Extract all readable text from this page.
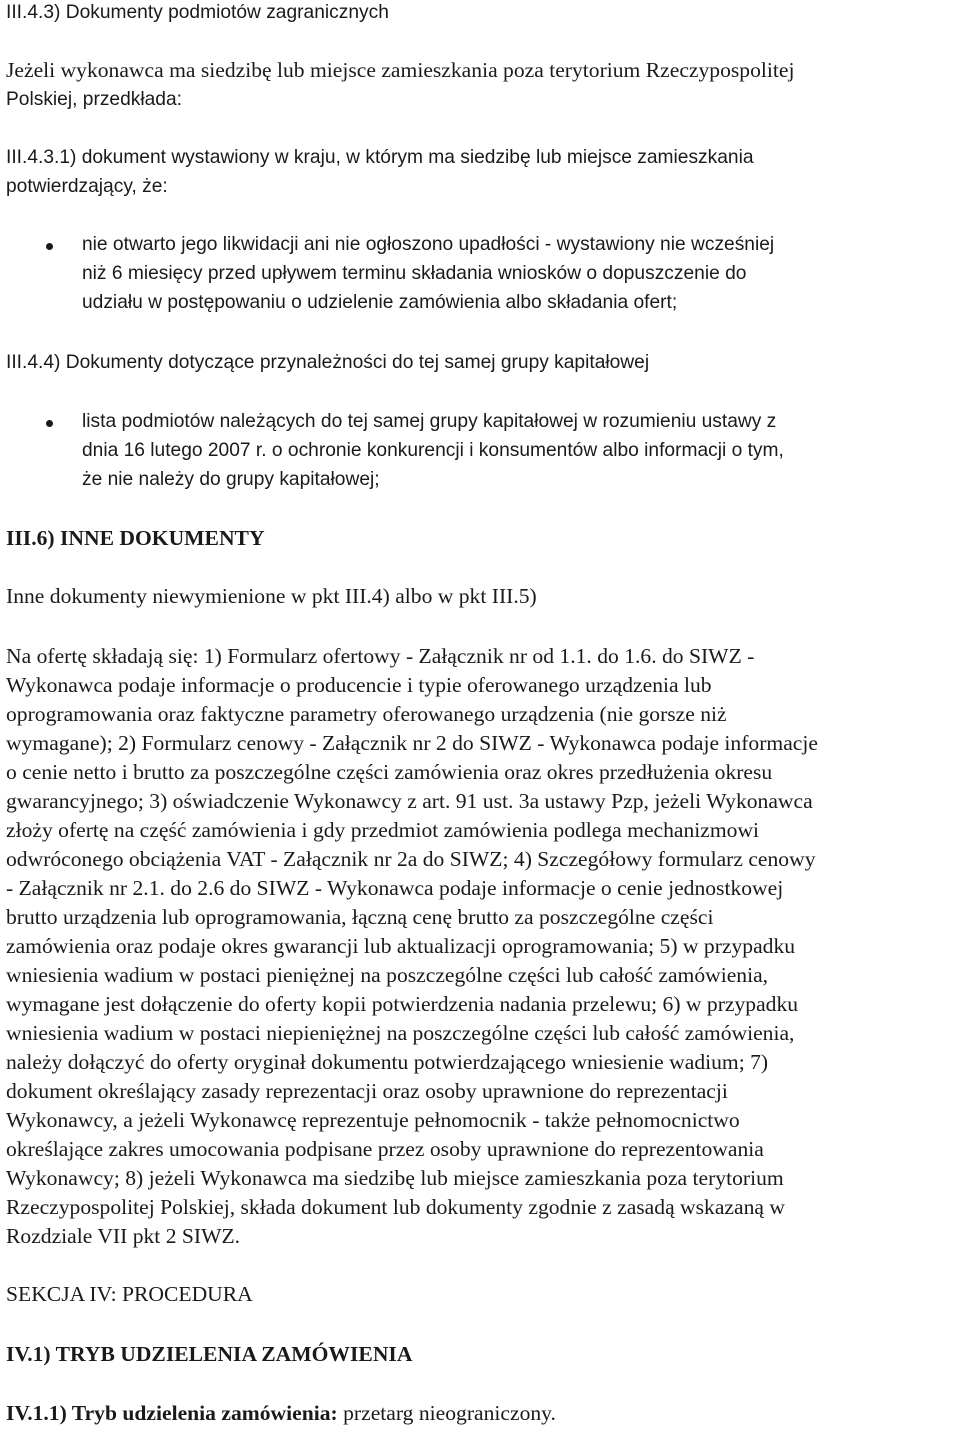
III.4.3) Dokumenty podmiotów zagranicznych

Jeżeli wykonawca ma siedzibę lub miejsce zamieszkania poza terytorium Rzeczypospolitej

Polskiej, przedkłada:

III.4.3.1) dokument wystawiony w kraju, w którym ma siedzibę lub miejsce zamieszkania

potwierdzający, że:

nie otwarto jego likwidacji ani nie ogłoszono upadłości - wystawiony nie wcześniej

niż 6 miesięcy przed upływem terminu składania wniosków o dopuszczenie do

udziału w postępowaniu o udzielenie zamówienia albo składania ofert;

III.4.4) Dokumenty dotyczące przynależności do tej samej grupy kapitałowej

lista podmiotów należących do tej samej grupy kapitałowej w rozumieniu ustawy z

dnia 16 lutego 2007 r. o ochronie konkurencji i konsumentów albo informacji o tym,

że nie należy do grupy kapitałowej;

III.6) INNE DOKUMENTY

Inne dokumenty niewymienione w pkt III.4) albo w pkt III.5)

Na ofertę składają się: 1) Formularz ofertowy - Załącznik nr od 1.1. do 1.6. do SIWZ -

Wykonawca podaje informacje o producencie i typie oferowanego urządzenia lub

oprogramowania oraz faktyczne parametry oferowanego urządzenia (nie gorsze niż

wymagane); 2) Formularz cenowy - Załącznik nr 2 do SIWZ - Wykonawca podaje informacje

o cenie netto i brutto za poszczególne części zamówienia oraz okres przedłużenia okresu

gwarancyjnego; 3) oświadczenie Wykonawcy z art. 91 ust. 3a ustawy Pzp, jeżeli Wykonawca

złoży ofertę na część zamówienia i gdy przedmiot zamówienia podlega mechanizmowi

odwróconego obciążenia VAT - Załącznik nr 2a do SIWZ; 4) Szczegółowy formularz cenowy

- Załącznik nr 2.1. do 2.6 do SIWZ - Wykonawca podaje informacje o cenie jednostkowej

brutto urządzenia lub oprogramowania, łączną cenę brutto za poszczególne części

zamówienia oraz podaje okres gwarancji lub aktualizacji oprogramowania; 5) w przypadku

wniesienia wadium w postaci pieniężnej na poszczególne części lub całość zamówienia,

wymagane jest dołączenie do oferty kopii potwierdzenia nadania przelewu; 6) w przypadku

wniesienia wadium w postaci niepieniężnej na poszczególne części lub całość zamówienia,

należy dołączyć do oferty oryginał dokumentu potwierdzającego wniesienie wadium; 7)

dokument określający zasady reprezentacji oraz osoby uprawnione do reprezentacji

Wykonawcy, a jeżeli Wykonawcę reprezentuje pełnomocnik - także pełnomocnictwo

określające zakres umocowania podpisane przez osoby uprawnione do reprezentowania

Wykonawcy; 8) jeżeli Wykonawca ma siedzibę lub miejsce zamieszkania poza terytorium

Rzeczypospolitej Polskiej, składa dokument lub dokumenty zgodnie z zasadą wskazaną w

Rozdziale VII pkt 2 SIWZ.

SEKCJA IV: PROCEDURA

IV.1) TRYB UDZIELENIA ZAMÓWIENIA

IV.1.1) Tryb udzielenia zamówienia: przetarg nieograniczony.
